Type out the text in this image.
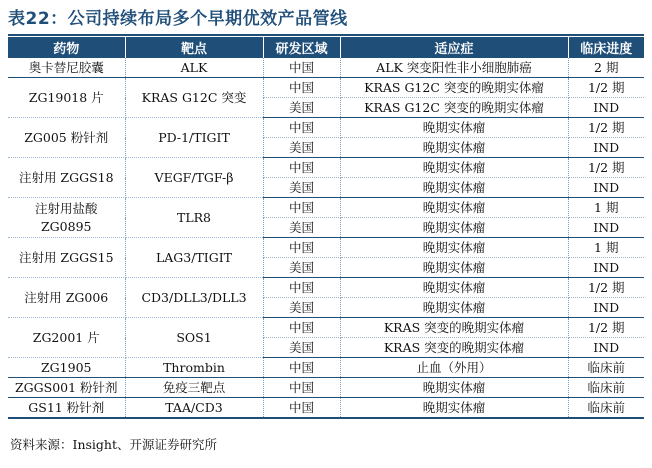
表22：公司持续布局多个早期优效产品管线
药物	靶点	研发区域	适应症	临床进度
奥卡替尼胶囊	ALK	中国	ALK 突变阳性非小细胞肺癌	2 期
ZG19018 片	KRAS G12C 突变	中国	KRAS G12C 突变的晚期实体瘤	1/2 期
		美国	KRAS G12C 突变的晚期实体瘤	IND
ZG005 粉针剂	PD-1/TIGIT	中国	晚期实体瘤	1/2 期
		美国	晚期实体瘤	IND
注射用 ZGGS18	VEGF/TGF-β	中国	晚期实体瘤	1/2 期
		美国	晚期实体瘤	IND
注射用盐酸 ZG0895	TLR8	中国	晚期实体瘤	1 期
		美国	晚期实体瘤	IND
注射用 ZGGS15	LAG3/TIGIT	中国	晚期实体瘤	1 期
		美国	晚期实体瘤	IND
注射用 ZG006	CD3/DLL3/DLL3	中国	晚期实体瘤	1/2 期
		美国	晚期实体瘤	IND
ZG2001 片	SOS1	中国	KRAS 突变的晚期实体瘤	1/2 期
		美国	KRAS 突变的晚期实体瘤	IND
ZG1905	Thrombin	中国	止血（外用）	临床前
ZGGS001 粉针剂	免疫三靶点	中国	晚期实体瘤	临床前
GS11 粉针剂	TAA/CD3	中国	晚期实体瘤	临床前
资料来源：Insight、开源证券研究所
